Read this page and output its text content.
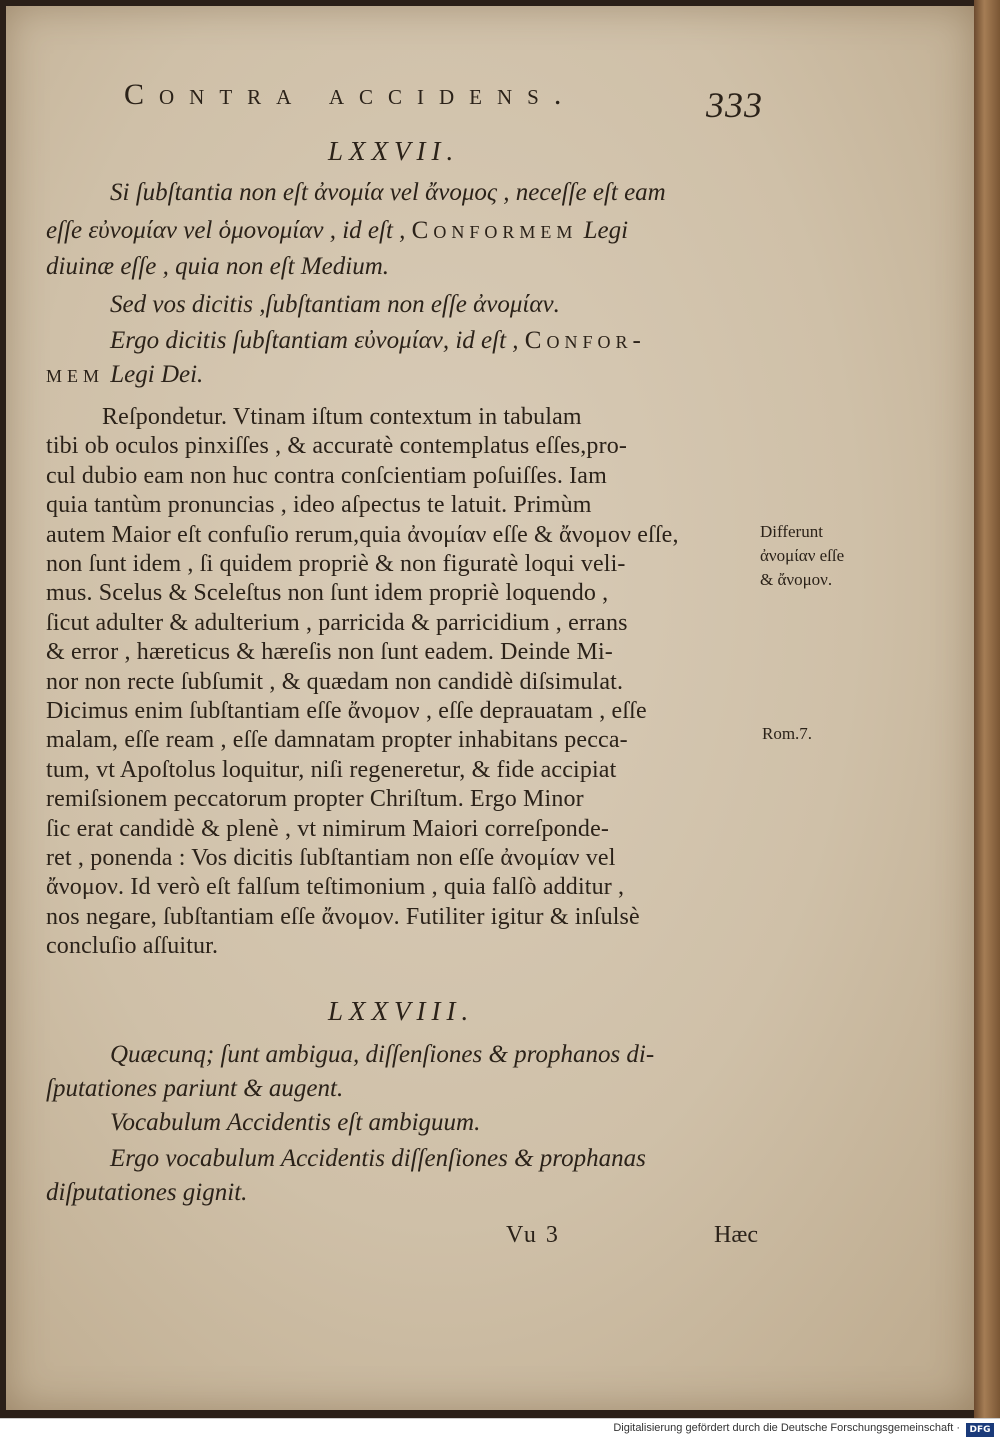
Contra accidens.	333
LXXVII.
Si ſubſtantia non eſt ἀνομία vel ἄνομος , neceſſe eſt eam
eſſe εὐνομίαν vel ὁμονομίαν , id eſt , Conformem Legi
diuinæ eſſe , quia non eſt Medium.
Sed vos dicitis ,ſubſtantiam non eſſe ἀνομίαν.
Ergo dicitis ſubſtantiam εὐνομίαν, id eſt , Confor-
mem Legi Dei.
Reſpondetur. Vtinam iſtum contextum in tabulam
tibi ob oculos pinxiſſes , & accuratè contemplatus eſſes,pro-
cul dubio eam non huc contra conſcientiam poſuiſſes. Iam
quia tantùm pronuncias , ideo aſpectus te latuit. Primùm
autem Maior eſt confuſio rerum,quia ἀνομίαν eſſe & ἄνομον eſſe,
non ſunt idem , ſi quidem propriè & non figuratè loqui veli-
mus. Scelus & Sceleſtus non ſunt idem propriè loquendo ,
ſicut adulter & adulterium , parricida & parricidium , errans
& error , hæreticus & hæreſis non ſunt eadem. Deinde Mi-
nor non recte ſubſumit , & quædam non candidè diſsimulat.
Dicimus enim ſubſtantiam eſſe ἄνομον , eſſe deprauatam , eſſe
malam, eſſe ream , eſſe damnatam propter inhabitans pecca-
tum, vt Apoſtolus loquitur, niſi regeneretur, & fide accipiat
remiſsionem peccatorum propter Chriſtum. Ergo Minor
ſic erat candidè & plenè , vt nimirum Maiori correſponde-
ret , ponenda : Vos dicitis ſubſtantiam non eſſe ἀνομίαν vel
ἄνομον. Id verò eſt falſum teſtimonium , quia falſò additur ,
nos negare, ſubſtantiam eſſe ἄνομον. Futiliter igitur & inſulsè
concluſio aſſuitur.
Differunt
ἀνομίαν eſſe
& ἄνομον.
Rom.7.
LXXVIII.
Quæcunq; ſunt ambigua, diſſenſiones & prophanos di-
ſputationes pariunt & augent.
Vocabulum Accidentis eſt ambiguum.
Ergo vocabulum Accidentis diſſenſiones & prophanas
diſputationes gignit.
Vu 3	Hæc
Digitalisierung gefördert durch die Deutsche Forschungsgemeinschaft ·	DFG
